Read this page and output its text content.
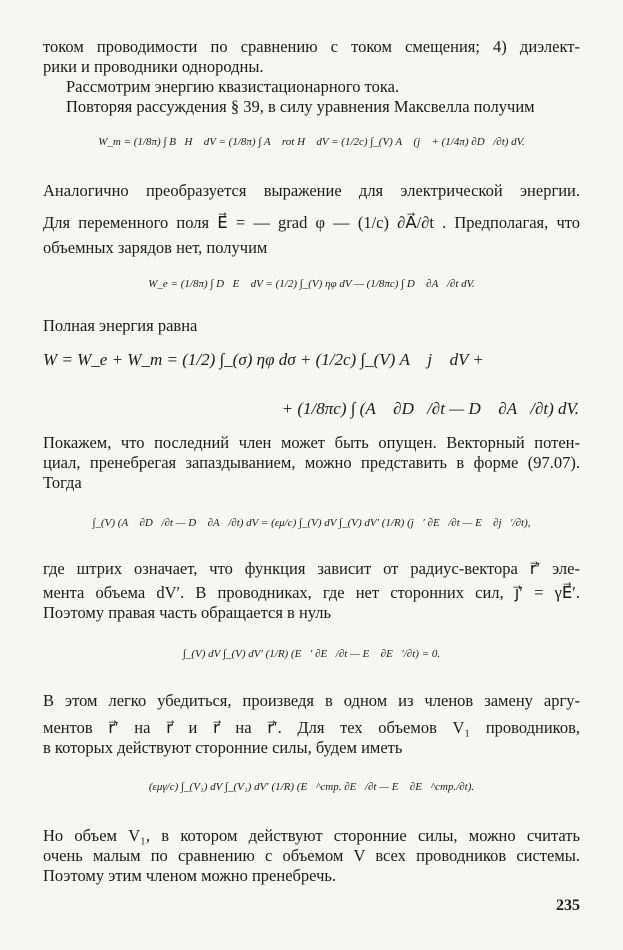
током проводимости по сравнению с током смещения; 4) диэлект-
рики и проводники однородны.
Рассмотрим энергию квазистационарного тока.
Повторяя рассуждения § 39, в силу уравнения Максвелла получим
W_m = (1/8π) ∫ B⃗H⃗ dV = (1/8π) ∫ A⃗ rot H⃗ dV = (1/2c) ∫_(V) A⃗ (j⃗ + (1/4π) ∂D⃗/∂t) dV.
Аналогично преобразуется выражение для электрической энергии.
Для переменного поля E⃗ = — grad φ — (1/c) ∂A⃗/∂t . Предполагая, что
объемных зарядов нет, получим
W_e = (1/8π) ∫ D⃗E⃗ dV = (1/2) ∫_(V) ηφ dV — (1/8πc) ∫ D⃗ ∂A⃗/∂t dV.
Полная энергия равна
W = W_e + W_m = (1/2) ∫_(σ) ηφ dσ + (1/2c) ∫_(V) A⃗ j⃗ dV +
+ (1/8πc) ∫ (A⃗ ∂D⃗/∂t — D⃗ ∂A⃗/∂t) dV.
Покажем, что последний член может быть опущен. Векторный потен-
циал, пренебрегая запаздыванием, можно представить в форме (97.07).
Тогда
∫_(V) (A⃗ ∂D⃗/∂t — D⃗ ∂A⃗/∂t) dV = (εμ/c) ∫_(V) dV ∫_(V) dV′ (1/R) (j⃗′ ∂E⃗/∂t — E⃗ ∂j⃗′/∂t),
где штрих означает, что функция зависит от радиус-вектора r⃗′ эле-
мента объема dV′. В проводниках, где нет сторонних сил, j⃗′ = γE⃗′.
Поэтому правая часть обращается в нуль
∫_(V) dV ∫_(V) dV′ (1/R) (E⃗′ ∂E⃗/∂t — E⃗ ∂E⃗′/∂t) = 0.
В этом легко убедиться, произведя в одном из членов замену аргу-
ментов r⃗′ на r⃗ и r⃗ на r⃗′. Для тех объемов V₁ проводников,
в которых действуют сторонние силы, будем иметь
(εμγ/c) ∫_(V₁) dV ∫_(V₁) dV′ (1/R) (E⃗^стр. ∂E⃗/∂t — E⃗ ∂E⃗^стр./∂t).
Но объем V₁, в котором действуют сторонние силы, можно считать
очень малым по сравнению с объемом V всех проводников системы.
Поэтому этим членом можно пренебречь.
235
